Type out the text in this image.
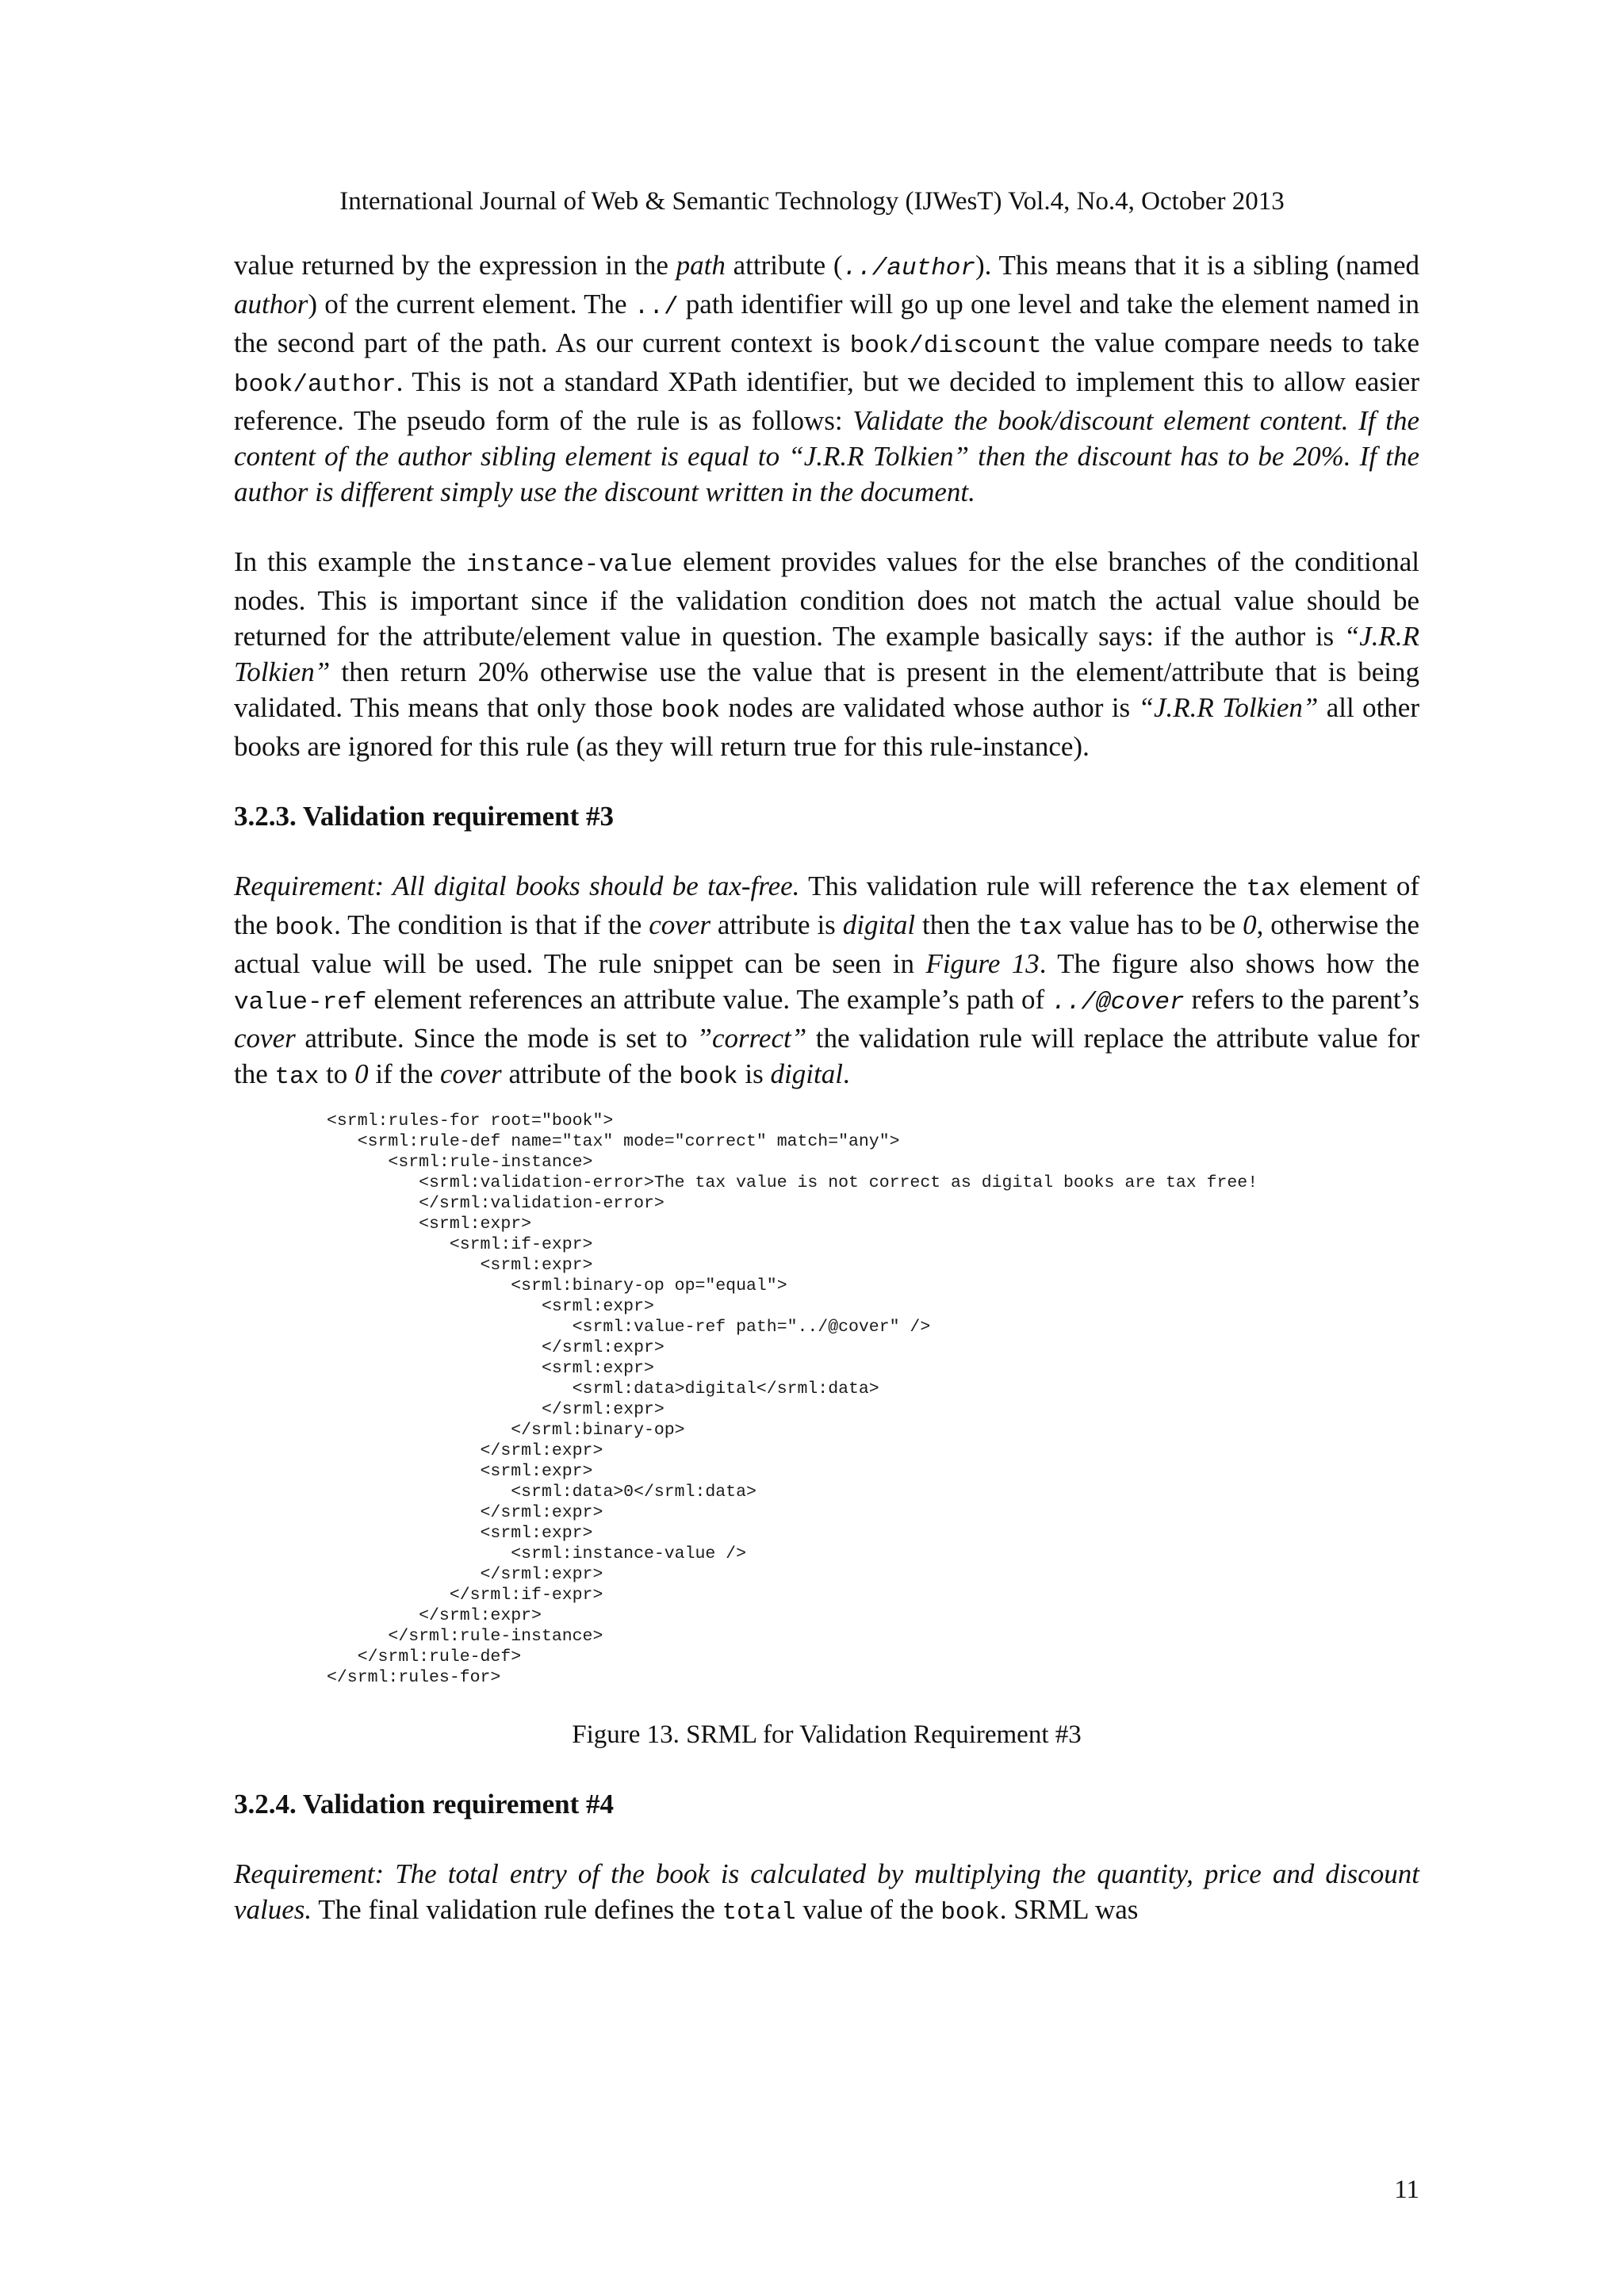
International Journal of Web & Semantic Technology (IJWesT) Vol.4, No.4, October 2013

value returned by the expression in the path attribute (../author). This means that it is a sibling (named author) of the current element. The ../ path identifier will go up one level and take the element named in the second part of the path. As our current context is book/discount the value compare needs to take book/author. This is not a standard XPath identifier, but we decided to implement this to allow easier reference. The pseudo form of the rule is as follows: Validate the book/discount element content. If the content of the author sibling element is equal to “J.R.R Tolkien” then the discount has to be 20%. If the author is different simply use the discount written in the document.

In this example the instance-value element provides values for the else branches of the conditional nodes. This is important since if the validation condition does not match the actual value should be returned for the attribute/element value in question. The example basically says: if the author is “J.R.R Tolkien” then return 20% otherwise use the value that is present in the element/attribute that is being validated. This means that only those book nodes are validated whose author is “J.R.R Tolkien” all other books are ignored for this rule (as they will return true for this rule-instance).

3.2.3. Validation requirement #3

Requirement: All digital books should be tax-free. This validation rule will reference the tax element of the book. The condition is that if the cover attribute is digital then the tax value has to be 0, otherwise the actual value will be used. The rule snippet can be seen in Figure 13. The figure also shows how the value-ref element references an attribute value. The example’s path of ../@cover refers to the parent’s cover attribute. Since the mode is set to ”correct” the validation rule will replace the attribute value for the tax to 0 if the cover attribute of the book is digital.

<srml:rules-for root="book">
<srml:rule-def name="tax" mode="correct" match="any">
<srml:rule-instance>
<srml:validation-error>The tax value is not correct as digital books are tax free!
</srml:validation-error>
<srml:expr>
<srml:if-expr>
<srml:expr>
<srml:binary-op op="equal">
<srml:expr>
<srml:value-ref path="../@cover" />
</srml:expr>
<srml:expr>
<srml:data>digital</srml:data>
</srml:expr>
</srml:binary-op>
</srml:expr>
<srml:expr>
<srml:data>0</srml:data>
</srml:expr>
<srml:expr>
<srml:instance-value />
</srml:expr>
</srml:if-expr>
</srml:expr>
</srml:rule-instance>
</srml:rule-def>
</srml:rules-for>
Figure 13. SRML for Validation Requirement #3
3.2.4. Validation requirement #4

Requirement: The total entry of the book is calculated by multiplying the quantity, price and discount values. The final validation rule defines the total value of the book. SRML was

11
